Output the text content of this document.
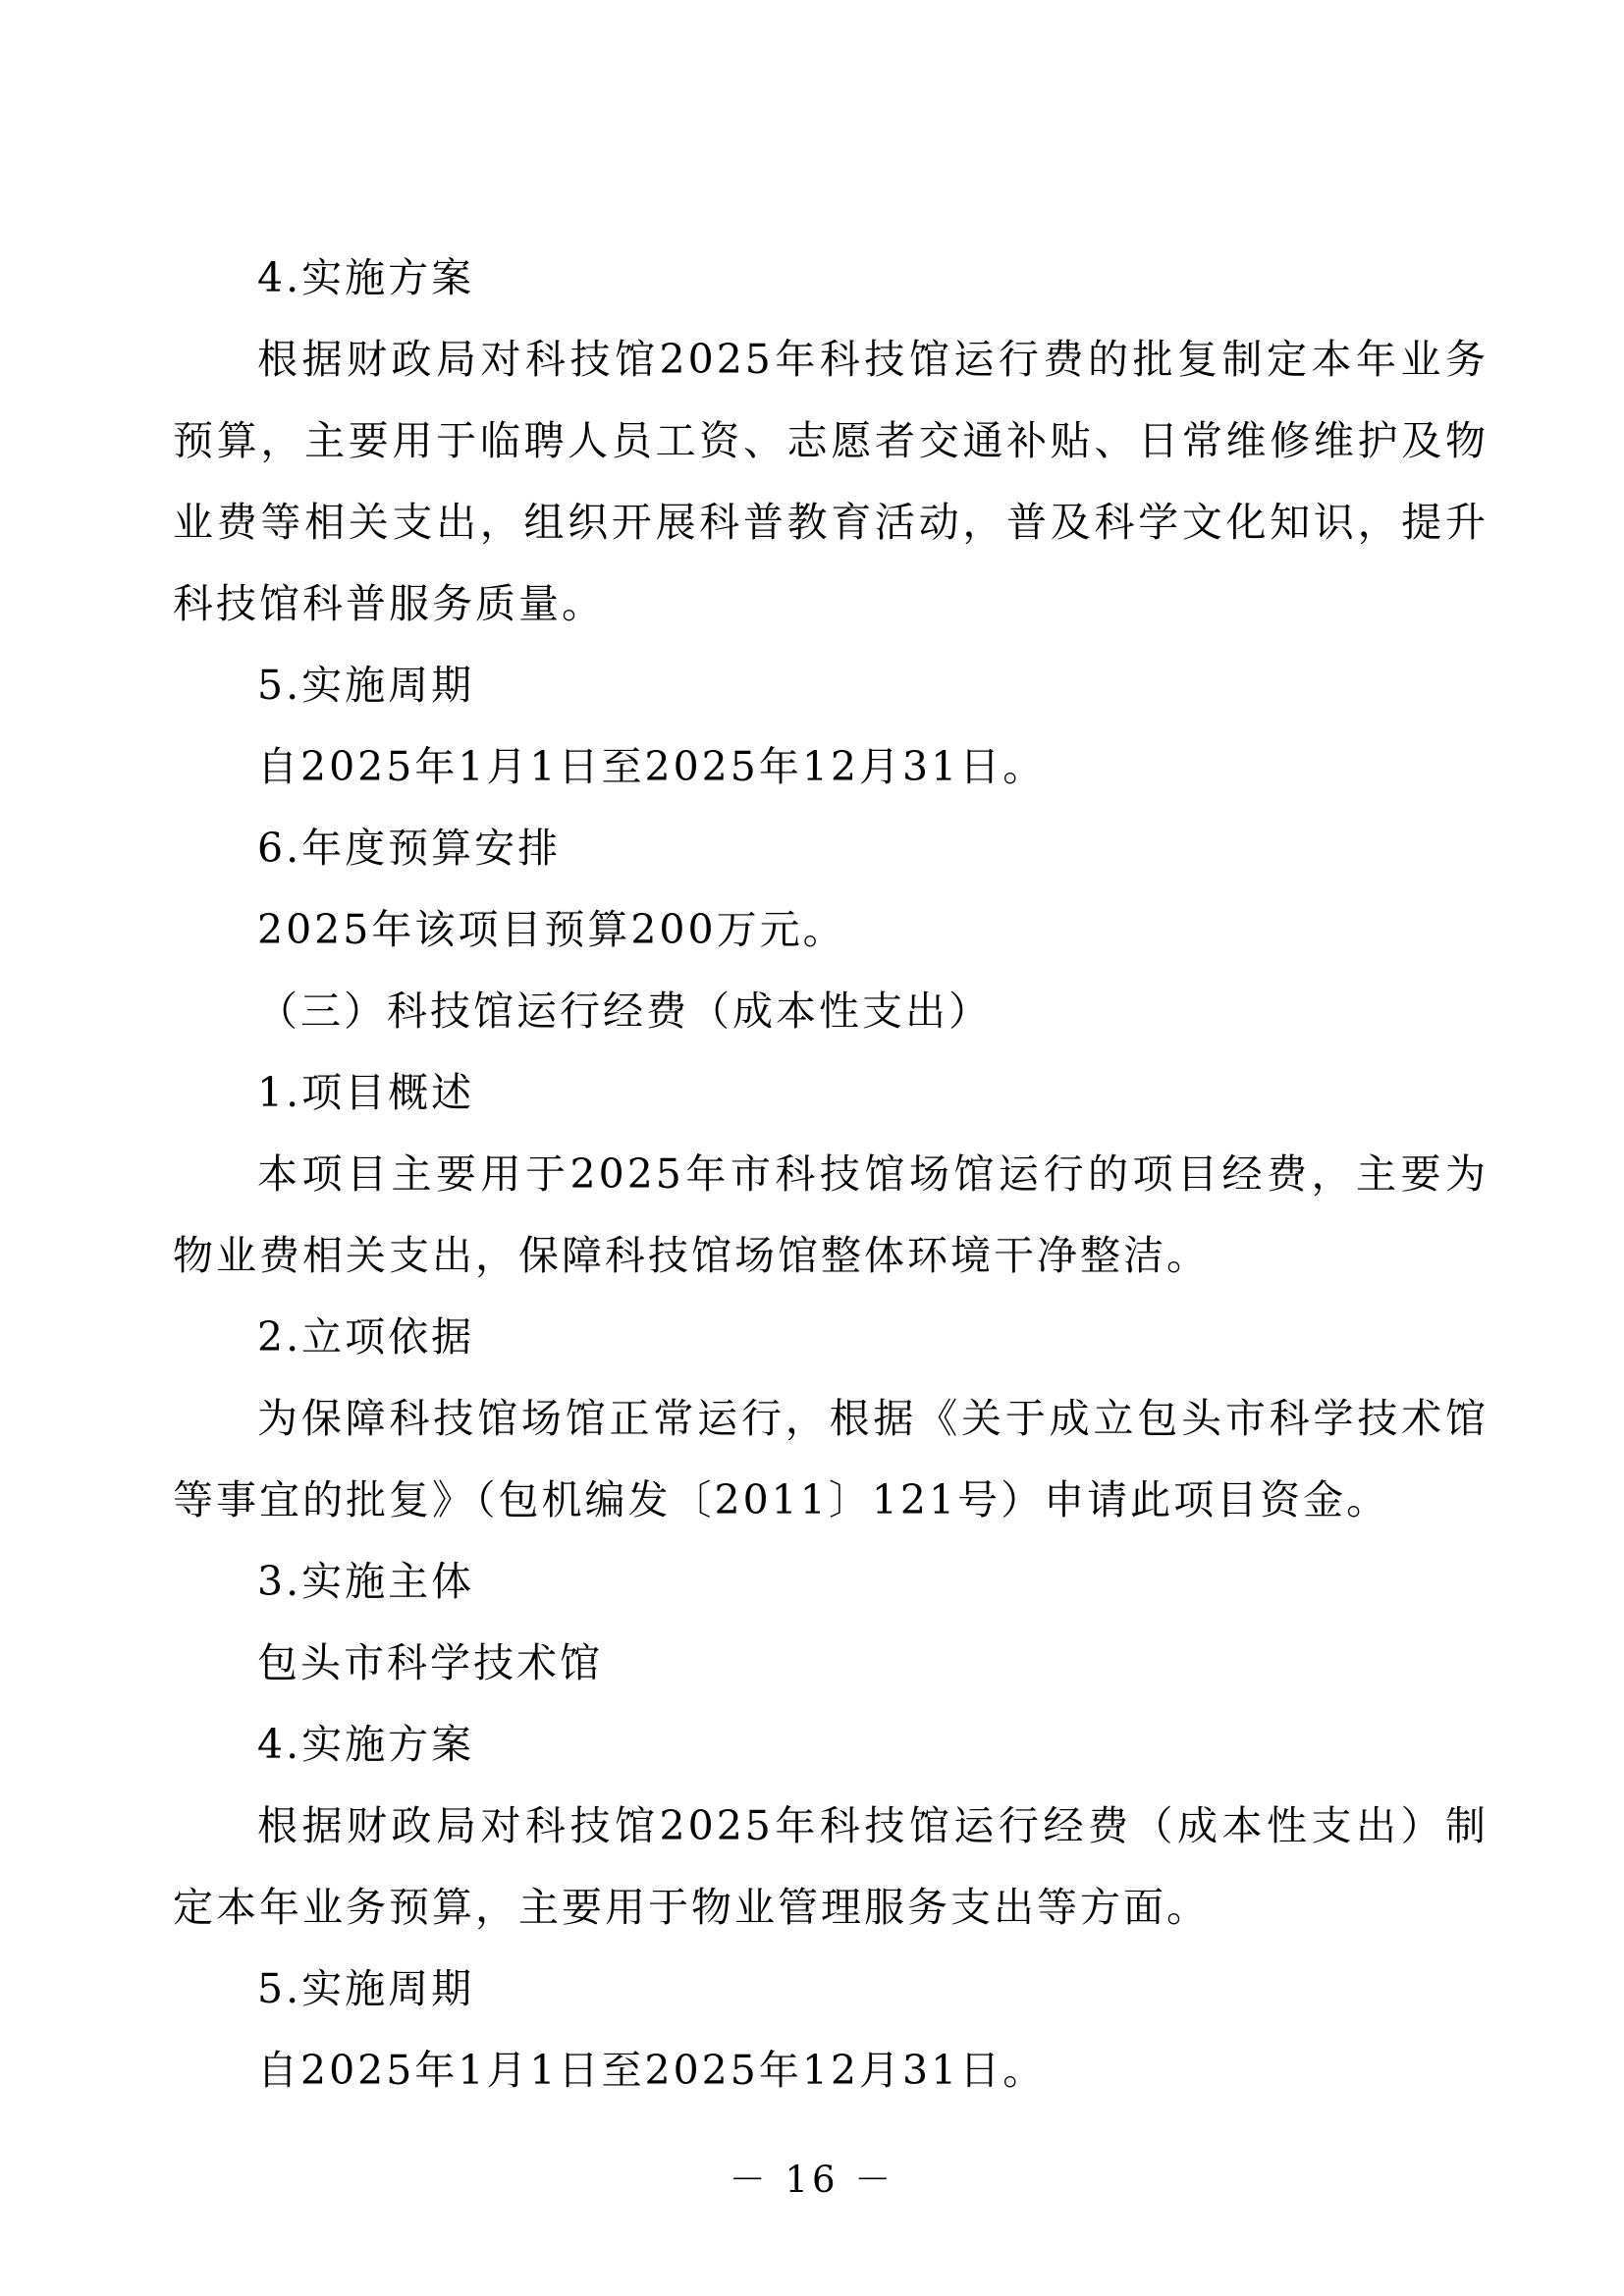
4.实施方案

根据财政局对科技馆2025年科技馆运行费的批复制定本年业务预算，主要用于临聘人员工资、志愿者交通补贴、日常维修维护及物业费等相关支出，组织开展科普教育活动，普及科学文化知识，提升科技馆科普服务质量。

5.实施周期

自2025年1月1日至2025年12月31日。

6.年度预算安排

2025年该项目预算200万元。

（三）科技馆运行经费（成本性支出）

1.项目概述

本项目主要用于2025年市科技馆场馆运行的项目经费，主要为物业费相关支出，保障科技馆场馆整体环境干净整洁。

2.立项依据

为保障科技馆场馆正常运行，根据《关于成立包头市科学技术馆等事宜的批复》（包机编发〔2011〕121号）申请此项目资金。

3.实施主体

包头市科学技术馆

4.实施方案

根据财政局对科技馆2025年科技馆运行经费（成本性支出）制定本年业务预算，主要用于物业管理服务支出等方面。

5.实施周期

自2025年1月1日至2025年12月31日。

－ 16 －
